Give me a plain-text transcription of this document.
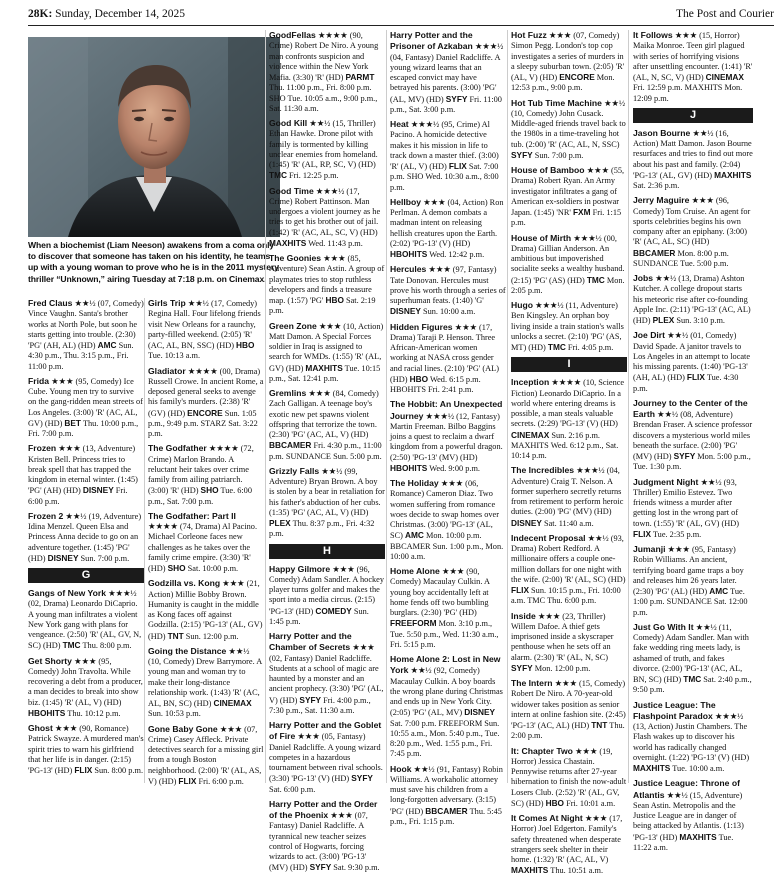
28K: Sunday, December 14, 2025	The Post and Courier
When a biochemist (Liam Neeson) awakens from a coma only to discover that someone has taken on his identity, he teams up with a young woman to prove who he is in the 2011 mystery thriller “Unknown,” airing Tuesday at 7:18 p.m. on Cinemax.
Fred Claus ★★½ (07, Comedy) Vince Vaughn. Santa's brother works at North Pole, but soon he starts getting into trouble. (2:30) 'PG' (AH, AL) (HD) AMC Sun. 4:30 p.m., Thu. 3:15 p.m., Fri. 11:00 p.m.
Frida ★★★ (95, Comedy) Ice Cube. Young men try to survive on the gang-ridden mean streets of Los Angeles. (3:00) 'R' (AC, AL, GV) (HD) BET Thu. 10:00 p.m., Fri. 7:00 p.m.
Frozen ★★★ (13, Adventure) Kristen Bell. Princess tries to break spell that has trapped the kingdom in eternal winter. (1:45) 'PG' (AH) (HD) DISNEY Fri. 6:00 p.m.
Frozen 2 ★★½ (19, Adventure) Idina Menzel. Queen Elsa and Princess Anna decide to go on an adventure together. (1:45) 'PG' (HD) DISNEY Sun. 7:00 p.m.
G
Gangs of New York ★★★½ (02, Drama) Leonardo DiCaprio. A young man infiltrates a violent New York gang with plans for vengeance. (2:50) 'R' (AL, GV, N, SC) (HD) TMC Thu. 8:00 p.m.
Get Shorty ★★★ (95, Comedy) John Travolta. While recovering a debt from a producer, a man decides to break into show biz. (1:45) 'R' (AL, V) (HD) HBOHITS Thu. 10:12 p.m.
Ghost ★★★ (90, Romance) Patrick Swayze. A murdered man's spirit tries to warn his girlfriend that her life is in danger. (2:15) 'PG-13' (HD) FLIX Sun. 8:00 p.m.
Girls Trip ★★½ (17, Comedy) Regina Hall. Four lifelong friends visit New Orleans for a raunchy, party-filled weekend. (2:05) 'R' (AC, AL, BN, SSC) (HD) HBO Tue. 10:13 a.m.
Gladiator ★★★★ (00, Drama) Russell Crowe. In ancient Rome, a deposed general seeks to avenge his family's murders. (2:38) 'R' (GV) (HD) ENCORE Sun. 1:05 p.m., 9:49 p.m. STARZ Sat. 3:22 p.m.
The Godfather ★★★★ (72, Crime) Marlon Brando. A reluctant heir takes over crime family from ailing patriarch. (3:00) 'R' (HD) SHO Tue. 6:00 p.m., Sat. 7:00 p.m.
The Godfather: Part II ★★★★ (74, Drama) Al Pacino. Michael Corleone faces new challenges as he takes over the family crime empire. (3:30) 'R' (HD) SHO Sat. 10:00 p.m.
Godzilla vs. Kong ★★★ (21, Action) Millie Bobby Brown. Humanity is caught in the middle as Kong faces off against Godzilla. (2:15) 'PG-13' (AL, GV) (HD) TNT Sun. 12:00 p.m.
Going the Distance ★★½ (10, Comedy) Drew Barrymore. A young man and woman try to make their long-distance relationship work. (1:43) 'R' (AC, AL, BN, SC) (HD) CINEMAX Sun. 10:53 p.m.
Gone Baby Gone ★★★ (07, Crime) Casey Affleck. Private detectives search for a missing girl from a tough Boston neighborhood. (2:00) 'R' (AL, AS, V) (HD) FLIX Fri. 6:00 p.m.
GoodFellas ★★★★ (90, Crime) Robert De Niro. A young man confronts suspicion and violence within the New York Mafia. (3:30) 'R' (HD) PARMT Thu. 11:00 p.m., Fri. 8:00 p.m. SHO Tue. 10:05 a.m., 9:00 p.m., Sat. 11:30 a.m.
Good Kill ★★½ (15, Thriller) Ethan Hawke. Drone pilot with family is tormented by killing unclear enemies from homeland. (1:45) 'R' (AL, RP, SC, V) (HD) TMC Fri. 12:25 p.m.
Good Time ★★★½ (17, Crime) Robert Pattinson. Man undergoes a violent journey as he tries to get his brother out of jail. (1:42) 'R' (AC, AL, SC, V) (HD) MAXHITS Wed. 11:43 p.m.
The Goonies ★★★ (85, Adventure) Sean Astin. A group of playmates tries to stop ruthless developers and finds a treasure map. (1:57) 'PG' HBO Sat. 2:19 p.m.
Green Zone ★★★ (10, Action) Matt Damon. A Special Forces soldier in Iraq is assigned to search for WMDs. (1:55) 'R' (AL, GV) (HD) MAXHITS Tue. 10:15 p.m., Sat. 12:41 p.m.
Gremlins ★★★ (84, Comedy) Zach Galligan. A teenage boy's exotic new pet spawns violent offspring that terrorize the town. (2:30) 'PG' (AC, AL, V) (HD) BBCAMER Fri. 4:30 p.m., 11:00 p.m. SUNDANCE Sun. 5:00 p.m.
Grizzly Falls ★★½ (99, Adventure) Bryan Brown. A boy is stolen by a bear in retaliation for his father's abduction of her cubs. (1:35) 'PG' (AC, AL, V) (HD) PLEX Thu. 8:37 p.m., Fri. 4:32 p.m.
H
Happy Gilmore ★★★ (96, Comedy) Adam Sandler. A hockey player turns golfer and makes the sport into a media circus. (2:15) 'PG-13' (HD) COMEDY Sun. 1:45 p.m.
Harry Potter and the Chamber of Secrets ★★★ (02, Fantasy) Daniel Radcliffe. Students at a school of magic are haunted by a monster and an ancient prophecy. (3:30) 'PG' (AL, V) (HD) SYFY Fri. 4:00 p.m., 7:30 p.m., Sat. 11:30 a.m.
Harry Potter and the Goblet of Fire ★★★ (05, Fantasy) Daniel Radcliffe. A young wizard competes in a hazardous tournament between rival schools. (3:30) 'PG-13' (V) (HD) SYFY Sat. 6:00 p.m.
Harry Potter and the Order of the Phoenix ★★★ (07, Fantasy) Daniel Radcliffe. A tyrannical new teacher seizes control of Hogwarts, forcing wizards to act. (3:00) 'PG-13' (MV) (HD) SYFY Sat. 9:30 p.m.
Harry Potter and the Prisoner of Azkaban ★★★½ (04, Fantasy) Daniel Radcliffe. A young wizard learns that an escaped convict may have betrayed his parents. (3:00) 'PG' (AL, MV) (HD) SYFY Fri. 11:00 p.m., Sat. 3:00 p.m.
Heat ★★★½ (95, Crime) Al Pacino. A homicide detective makes it his mission in life to track down a master thief. (3:00) 'R' (AL, V) (HD) FLIX Sat. 7:00 p.m. SHO Wed. 10:30 a.m., 8:00 p.m.
Hellboy ★★★ (04, Action) Ron Perlman. A demon combats a madman intent on releasing hellish creatures upon the Earth. (2:02) 'PG-13' (V) (HD) HBOHITS Wed. 12:42 p.m.
Hercules ★★★ (97, Fantasy) Tate Donovan. Hercules must prove his worth through a series of superhuman feats. (1:40) 'G' DISNEY Sun. 10:00 a.m.
Hidden Figures ★★★ (17, Drama) Taraji P. Henson. Three African-American women working at NASA cross gender and racial lines. (2:10) 'PG' (AL) (HD) HBO Wed. 6:15 p.m. HBOHITS Fri. 2:41 p.m.
The Hobbit: An Unexpected Journey ★★★½ (12, Fantasy) Martin Freeman. Bilbo Baggins joins a quest to reclaim a dwarf kingdom from a powerful dragon. (2:50) 'PG-13' (MV) (HD) HBOHITS Wed. 9:00 p.m.
The Holiday ★★★ (06, Romance) Cameron Diaz. Two women suffering from romance woes decide to swap homes over Christmas. (3:00) 'PG-13' (AL, SC) AMC Mon. 10:00 p.m. BBCAMER Sun. 1:00 p.m., Mon. 10:00 a.m.
Home Alone ★★★ (90, Comedy) Macaulay Culkin. A young boy accidentally left at home fends off two bumbling burglars. (2:30) 'PG' (HD) FREEFORM Mon. 3:10 p.m., Tue. 5:50 p.m., Wed. 11:30 a.m., Fri. 5:15 p.m.
Home Alone 2: Lost in New York ★★½ (92, Comedy) Macaulay Culkin. A boy boards the wrong plane during Christmas and ends up in New York City. (2:05) 'PG' (AL, MV) DISNEY Sat. 7:00 p.m. FREEFORM Sun. 10:55 a.m., Mon. 5:40 p.m., Tue. 8:20 p.m., Wed. 1:55 p.m., Fri. 7:45 p.m.
Hook ★★½ (91, Fantasy) Robin Williams. A workaholic attorney must save his children from a long-forgotten adversary. (3:15) 'PG' (HD) BBCAMER Thu. 5:45 p.m., Fri. 1:15 p.m.
Hot Fuzz ★★★ (07, Comedy) Simon Pegg. London's top cop investigates a series of murders in a sleepy suburban town. (2:05) 'R' (AL, V) (HD) ENCORE Mon. 12:53 p.m., 9:00 p.m.
Hot Tub Time Machine ★★½ (10, Comedy) John Cusack. Middle-aged friends travel back to the 1980s in a time-traveling hot tub. (2:00) 'R' (AC, AL, N, SSC) SYFY Sun. 7:00 p.m.
House of Bamboo ★★★ (55, Drama) Robert Ryan. An Army investigator infiltrates a gang of American ex-soldiers in postwar Japan. (1:45) 'NR' FXM Fri. 1:15 p.m.
House of Mirth ★★★½ (00, Drama) Gillian Anderson. An ambitious but impoverished socialite seeks a wealthy husband. (2:15) 'PG' (AS) (HD) TMC Mon. 2:05 p.m.
Hugo ★★★½ (11, Adventure) Ben Kingsley. An orphan boy living inside a train station's walls unlocks a secret. (2:10) 'PG' (AS, MT) (HD) TMC Fri. 4:05 p.m.
I
Inception ★★★★ (10, Science Fiction) Leonardo DiCaprio. In a world where entering dreams is possible, a man steals valuable secrets. (2:29) 'PG-13' (V) (HD) CINEMAX Sun. 2:16 p.m. MAXHITS Wed. 6:12 p.m., Sat. 10:14 p.m.
The Incredibles ★★★½ (04, Adventure) Craig T. Nelson. A former superhero secretly returns from retirement to perform heroic duties. (2:00) 'PG' (MV) (HD) DISNEY Sat. 11:40 a.m.
Indecent Proposal ★★½ (93, Drama) Robert Redford. A millionaire offers a couple one-million dollars for one night with the wife. (2:00) 'R' (AL, SC) (HD) FLIX Sun. 10:15 p.m., Fri. 10:00 a.m. TMC Thu. 6:00 p.m.
Inside ★★★ (23, Thriller) Willem Dafoe. A thief gets imprisoned inside a skyscraper penthouse when he sets off an alarm. (2:30) 'R' (AL, N, SC) SYFY Mon. 12:00 p.m.
The Intern ★★★ (15, Comedy) Robert De Niro. A 70-year-old widower takes position as senior intern at online fashion site. (2:45) 'PG-13' (AC, AL) (HD) TNT Thu. 2:00 p.m.
It: Chapter Two ★★★ (19, Horror) Jessica Chastain. Pennywise returns after 27-year hibernation to finish the now-adult Losers Club. (2:52) 'R' (AL, GV, SC) (HD) HBO Fri. 10:01 a.m.
It Comes At Night ★★★ (17, Horror) Joel Edgerton. Family's safety threatened when desperate strangers seek shelter in their home. (1:32) 'R' (AC, AL, V) MAXHITS Thu. 10:51 a.m.
It Follows ★★★ (15, Horror) Maika Monroe. Teen girl plagued with series of horrifying visions after unsettling encounter. (1:41) 'R' (AL, N, SC, V) (HD) CINEMAX Fri. 12:59 p.m. MAXHITS Mon. 12:09 p.m.
J
Jason Bourne ★★½ (16, Action) Matt Damon. Jason Bourne resurfaces and tries to find out more about his past and family. (2:04) 'PG-13' (AL, GV) (HD) MAXHITS Sat. 2:36 p.m.
Jerry Maguire ★★★ (96, Comedy) Tom Cruise. An agent for sports celebrities begins his own company after an epiphany. (3:00) 'R' (AC, AL, SC) (HD) BBCAMER Mon. 8:00 p.m. SUNDANCE Tue. 5:00 p.m.
Jobs ★★½ (13, Drama) Ashton Kutcher. A college dropout starts his meteoric rise after co-founding Apple Inc. (2:11) 'PG-13' (AC, AL) (HD) PLEX Sun. 3:10 p.m.
Joe Dirt ★★½ (01, Comedy) David Spade. A janitor travels to Los Angeles in an attempt to locate his missing parents. (1:40) 'PG-13' (AH, AL) (HD) FLIX Tue. 4:30 p.m.
Journey to the Center of the Earth ★★½ (08, Adventure) Brendan Fraser. A science professor discovers a mysterious world miles beneath the surface. (2:00) 'PG' (MV) (HD) SYFY Mon. 5:00 p.m., Tue. 1:30 p.m.
Judgment Night ★★½ (93, Thriller) Emilio Estevez. Two friends witness a murder after getting lost in the wrong part of town. (1:55) 'R' (AL, GV) (HD) FLIX Tue. 2:35 p.m.
Jumanji ★★★ (95, Fantasy) Robin Williams. An ancient, terrifying board game traps a boy and releases him 26 years later. (2:30) 'PG' (AL) (HD) AMC Tue. 1:00 p.m. SUNDANCE Sat. 12:00 p.m.
Just Go With It ★★½ (11, Comedy) Adam Sandler. Man with fake wedding ring meets lady, is ashamed of truth, and fakes divorce. (2:00) 'PG-13' (AC, AL, BN, SC) (HD) TMC Sat. 2:40 p.m., 9:50 p.m.
Justice League: The Flashpoint Paradox ★★★½ (13, Action) Justin Chambers. The Flash wakes up to discover his world has radically changed overnight. (1:22) 'PG-13' (V) (HD) MAXHITS Tue. 10:00 a.m.
Justice League: Throne of Atlantis ★★½ (15, Adventure) Sean Astin. Metropolis and the Justice League are in danger of being attacked by Atlantis. (1:13) 'PG-13' (HD) MAXHITS Tue. 11:22 a.m.
